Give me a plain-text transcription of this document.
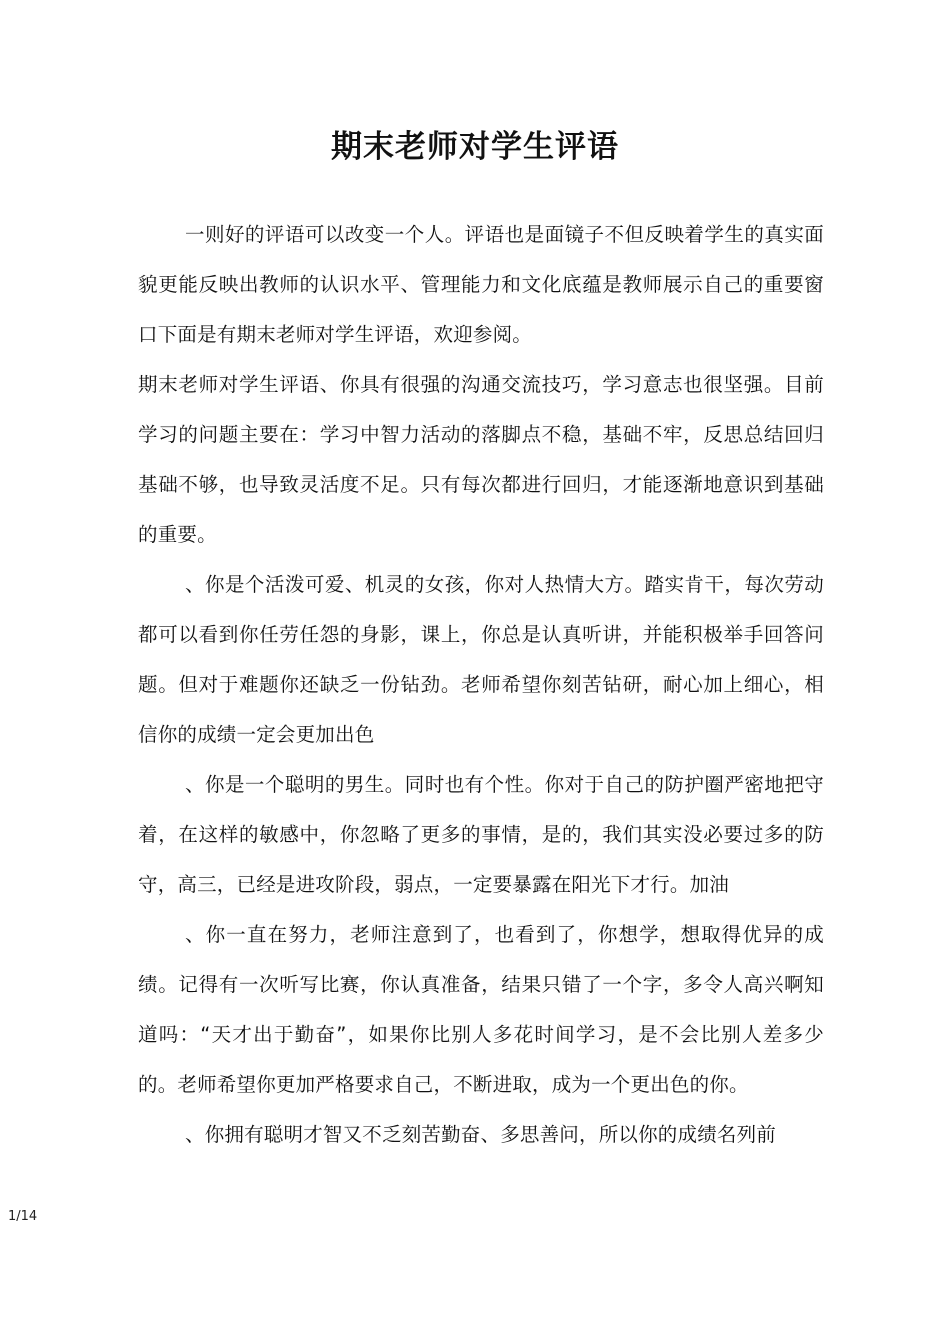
期末老师对学生评语

一则好的评语可以改变一个人。评语也是面镜子不但反映着学生的真实面貌更能反映出教师的认识水平、管理能力和文化底蕴是教师展示自己的重要窗口下面是有期末老师对学生评语，欢迎参阅。

期末老师对学生评语、你具有很强的沟通交流技巧，学习意志也很坚强。目前学习的问题主要在：学习中智力活动的落脚点不稳，基础不牢，反思总结回归基础不够，也导致灵活度不足。只有每次都进行回归，才能逐渐地意识到基础的重要。

、你是个活泼可爱、机灵的女孩，你对人热情大方。踏实肯干，每次劳动都可以看到你任劳任怨的身影，课上，你总是认真听讲，并能积极举手回答问题。但对于难题你还缺乏一份钻劲。老师希望你刻苦钻研，耐心加上细心，相信你的成绩一定会更加出色

、你是一个聪明的男生。同时也有个性。你对于自己的防护圈严密地把守着，在这样的敏感中，你忽略了更多的事情，是的，我们其实没必要过多的防守，高三，已经是进攻阶段，弱点，一定要暴露在阳光下才行。加油

、你一直在努力，老师注意到了，也看到了，你想学，想取得优异的成绩。记得有一次听写比赛，你认真准备，结果只错了一个字，多令人高兴啊知道吗：“天才出于勤奋”，如果你比别人多花时间学习，是不会比别人差多少的。老师希望你更加严格要求自己，不断进取，成为一个更出色的你。

、你拥有聪明才智又不乏刻苦勤奋、多思善问，所以你的成绩名列前

1/14
